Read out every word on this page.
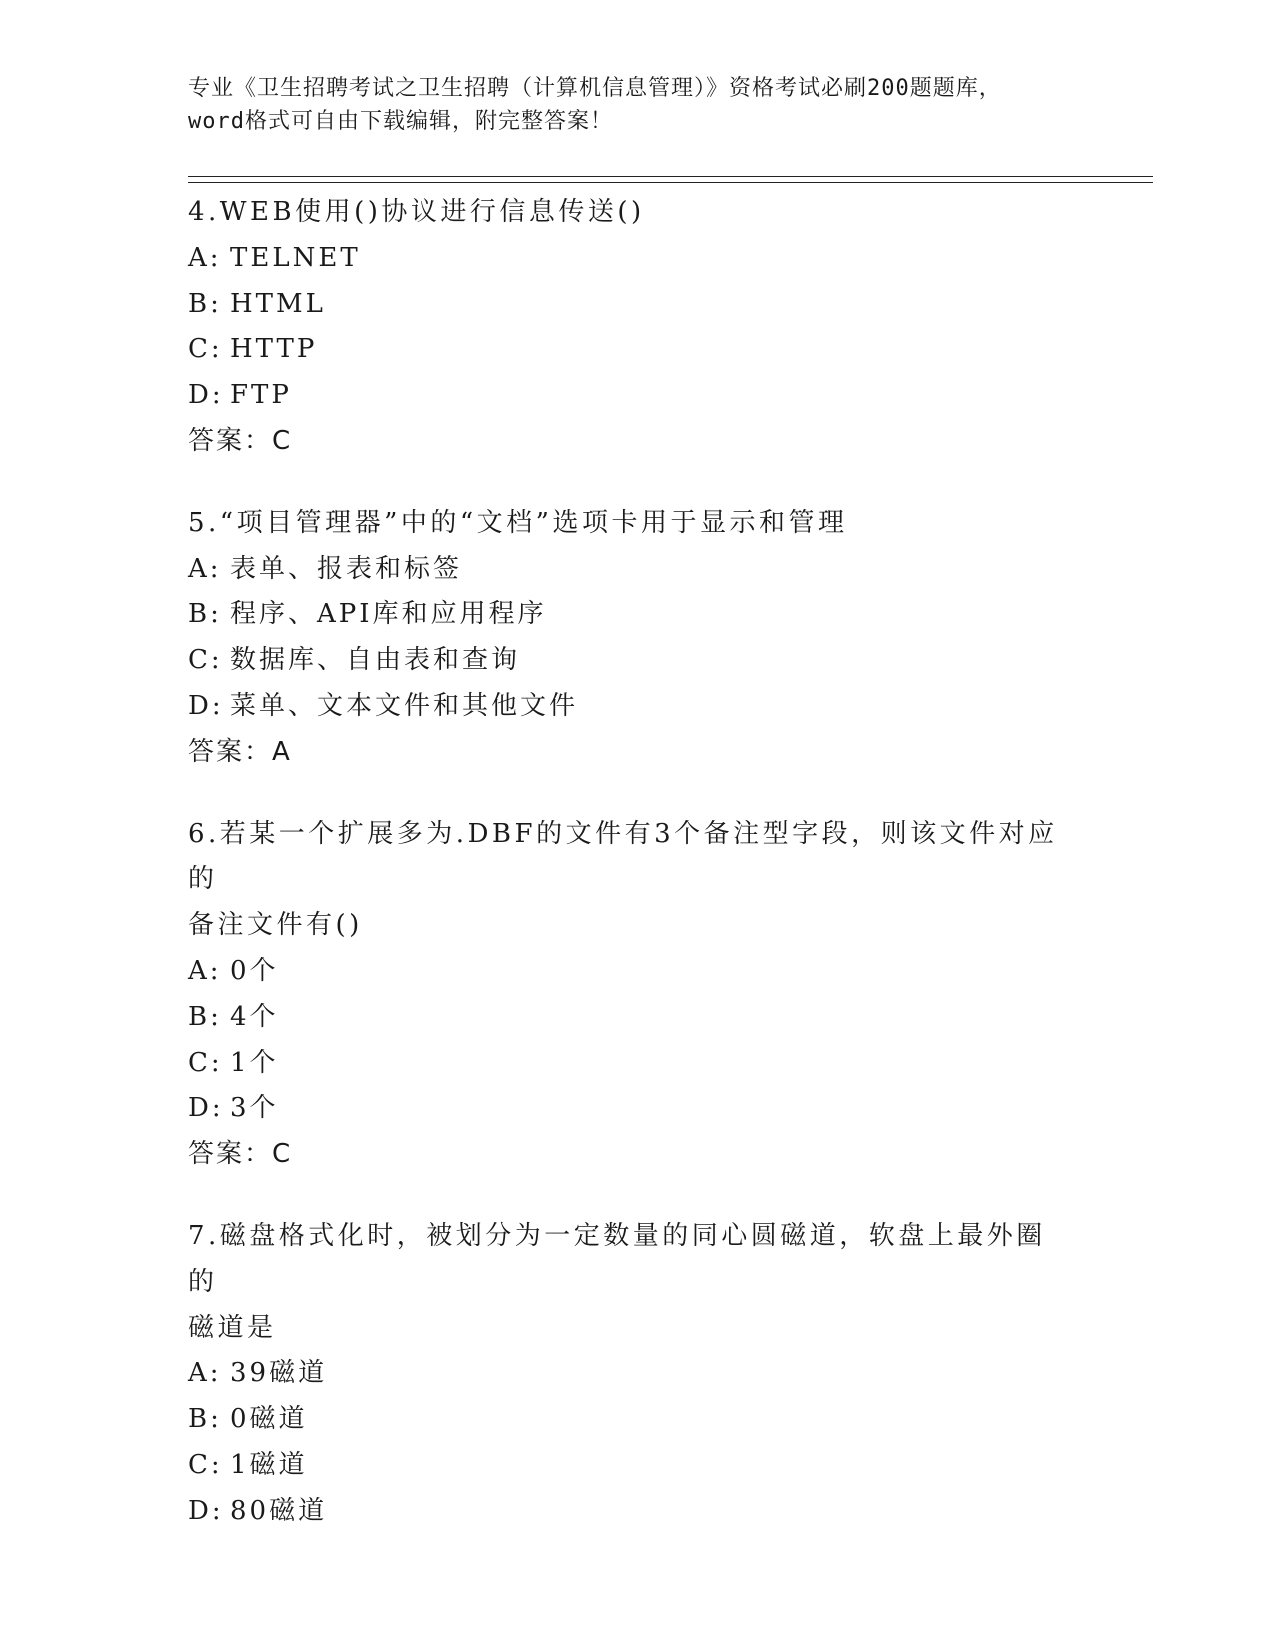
专业《卫生招聘考试之卫生招聘（计算机信息管理）》资格考试必刷200题题库，
word格式可自由下载编辑，附完整答案！
4.WEB使用()协议进行信息传送()
A: TELNET
B: HTML
C: HTTP
D: FTP
答案：C
5.“项目管理器”中的“文档”选项卡用于显示和管理
A: 表单、报表和标签
B: 程序、API库和应用程序
C: 数据库、自由表和查询
D: 菜单、文本文件和其他文件
答案：A
6.若某一个扩展多为.DBF的文件有3个备注型字段，则该文件对应的
备注文件有()
A: 0个
B: 4个
C: 1个
D: 3个
答案：C
7.磁盘格式化时，被划分为一定数量的同心圆磁道，软盘上最外圈的
磁道是
A: 39磁道
B: 0磁道
C: 1磁道
D: 80磁道
